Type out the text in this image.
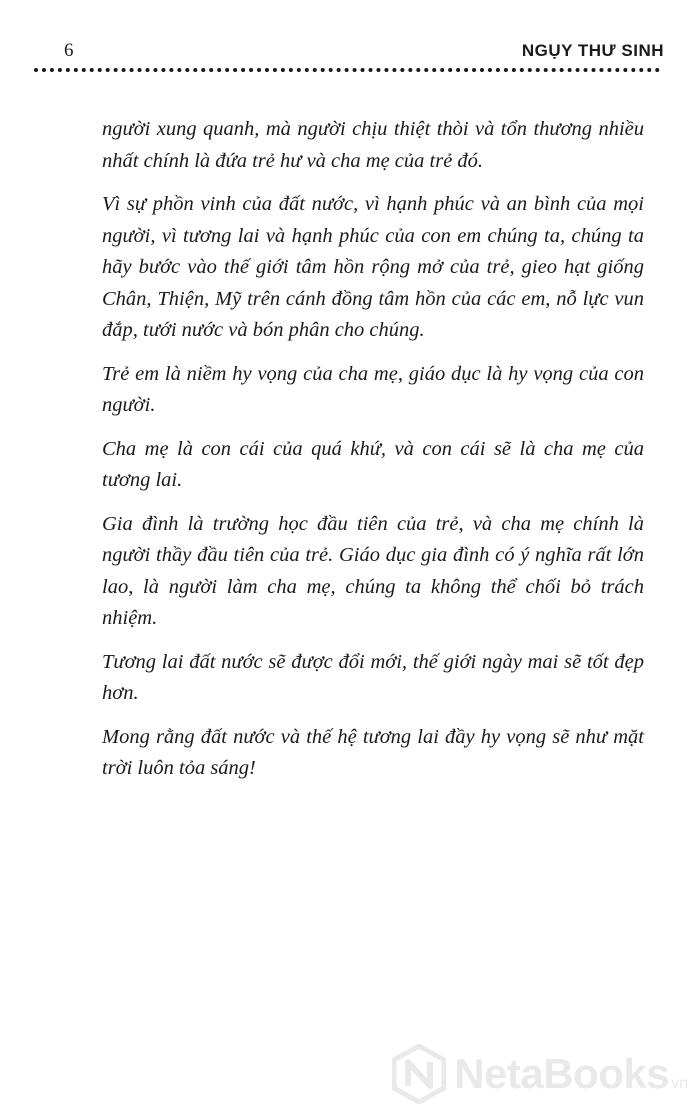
6	NGỤY THƯ SINH

người xung quanh, mà người chịu thiệt thòi và tổn thương nhiều nhất chính là đứa trẻ hư và cha mẹ của trẻ đó.

Vì sự phồn vinh của đất nước, vì hạnh phúc và an bình của mọi người, vì tương lai và hạnh phúc của con em chúng ta, chúng ta hãy bước vào thế giới tâm hồn rộng mở của trẻ, gieo hạt giống Chân, Thiện, Mỹ trên cánh đồng tâm hồn của các em, nỗ lực vun đắp, tưới nước và bón phân cho chúng.

Trẻ em là niềm hy vọng của cha mẹ, giáo dục là hy vọng của con người.

Cha mẹ là con cái của quá khứ, và con cái sẽ là cha mẹ của tương lai.

Gia đình là trường học đầu tiên của trẻ, và cha mẹ chính là người thầy đầu tiên của trẻ. Giáo dục gia đình có ý nghĩa rất lớn lao, là người làm cha mẹ, chúng ta không thể chối bỏ trách nhiệm.

Tương lai đất nước sẽ được đổi mới, thế giới ngày mai sẽ tốt đẹp hơn.

Mong rằng đất nước và thế hệ tương lai đầy hy vọng sẽ như mặt trời luôn tỏa sáng!

NetaBooks vn
